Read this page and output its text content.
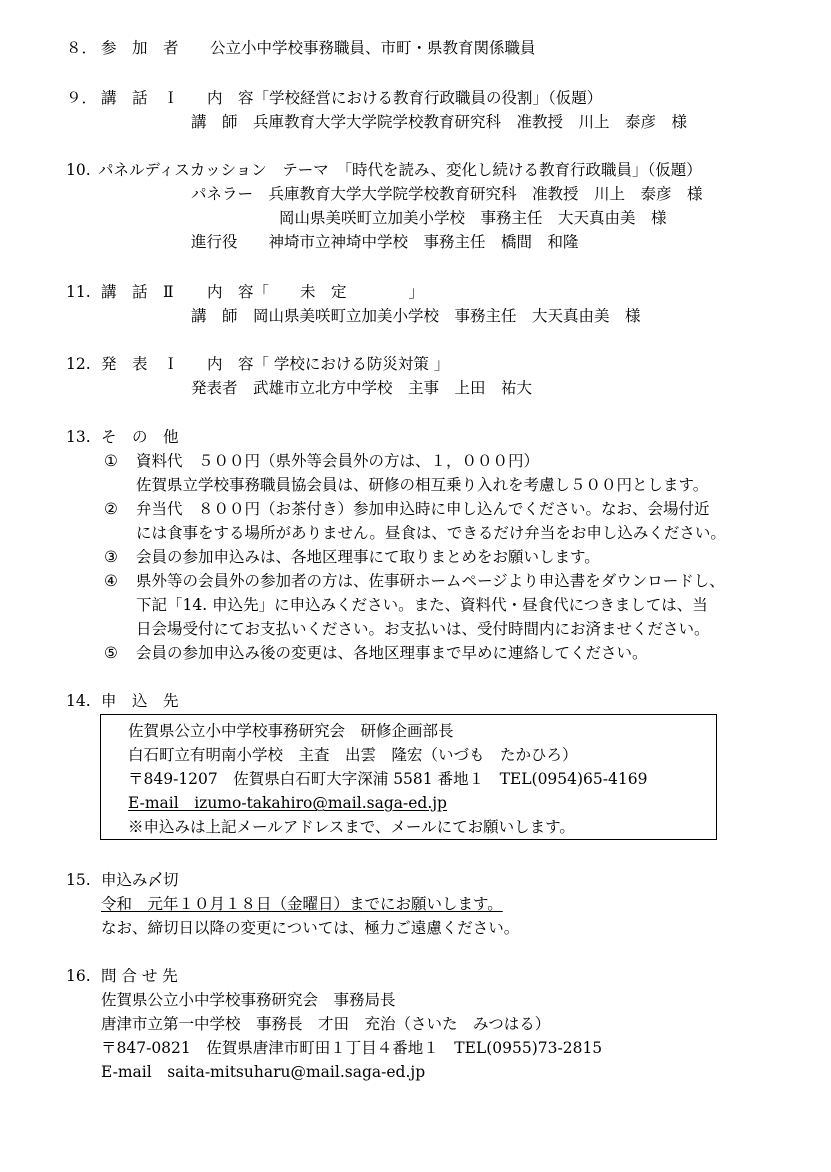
８． 参　加　者 公立小中学校事務職員、市町・県教育関係職員
９． 講　話　Ｉ 内　容「学校経営における教育行政職員の役割」（仮題）
講　師　兵庫教育大学大学院学校教育研究科　准教授　川上　泰彦　様
10. パネルディスカッション　テーマ　「時代を読み、変化し続ける教育行政職員」（仮題）
パネラー　兵庫教育大学大学院学校教育研究科　准教授　川上　泰彦　様
岡山県美咲町立加美小学校　事務主任　大天真由美　様
進行役　　神埼市立神埼中学校　事務主任　橋間　和隆
11. 講　話　Ⅱ 内　容「　　未　定　　　　」
講　師　岡山県美咲町立加美小学校　事務主任　大天真由美　様
12. 発　表　Ｉ 内　容「 学校における防災対策 」
発表者　武雄市立北方中学校　主事　上田　祐大
13. そ　の　他
① 資料代　５００円（県外等会員外の方は、１，０００円）
佐賀県立学校事務職員協会員は、研修の相互乗り入れを考慮し５００円とします。
② 弁当代　８００円（お茶付き）参加申込時に申し込んでください。なお、会場付近
には食事をする場所がありません。昼食は、できるだけ弁当をお申し込みください。
③ 会員の参加申込みは、各地区理事にて取りまとめをお願いします。
④ 県外等の会員外の参加者の方は、佐事研ホームページより申込書をダウンロードし、
下記「14. 申込先」に申込みください。また、資料代・昼食代につきましては、当
日会場受付にてお支払いください。お支払いは、受付時間内にお済ませください。
⑤ 会員の参加申込み後の変更は、各地区理事まで早めに連絡してください。
14. 申　込　先
佐賀県公立小中学校事務研究会　研修企画部長
白石町立有明南小学校　主査　出雲　隆宏（いづも　たかひろ）
〒849-1207　佐賀県白石町大字深浦 5581 番地１　TEL(0954)65-4169
E-mail　izumo-takahiro@mail.saga-ed.jp
※申込みは上記メールアドレスまで、メールにてお願いします。
15. 申込み〆切
令和　元年１０月１８日（金曜日）までにお願いします。
なお、締切日以降の変更については、極力ご遠慮ください。
16. 問 合 せ 先
佐賀県公立小中学校事務研究会　事務局長
唐津市立第一中学校　事務長　才田　充治（さいた　みつはる）
〒847-0821　佐賀県唐津市町田１丁目４番地１　TEL(0955)73-2815
E-mail　saita-mitsuharu@mail.saga-ed.jp
